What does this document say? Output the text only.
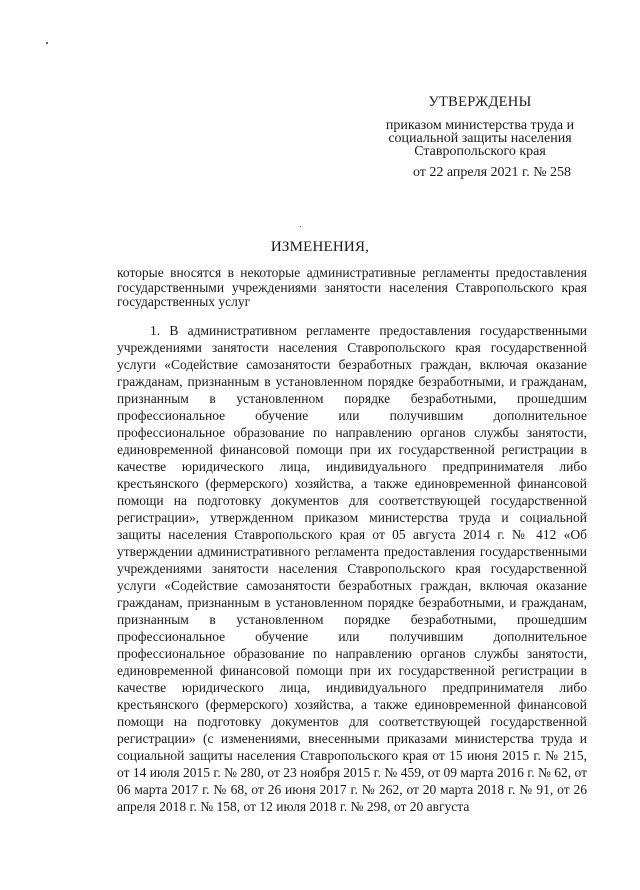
УТВЕРЖДЕНЫ
приказом министерства труда и
социальной защиты населения
Ставропольского края
от 22 апреля 2021 г. № 258
ИЗМЕНЕНИЯ,
которые вносятся в некоторые административные регламенты предоставления государственными учреждениями занятости населения Ставропольского края государственных услуг

1. В административном регламенте предоставления государственными учреждениями занятости населения Ставропольского края государственной услуги «Содействие самозанятости безработных граждан, включая оказание гражданам, признанным в установленном порядке безработными, и гражданам, признанным в установленном порядке безработными, прошедшим профессиональное обучение или получившим дополнительное профессиональное образование по направлению органов службы занятости, единовременной финансовой помощи при их государственной регистрации в качестве юридического лица, индивидуального предпринимателя либо крестьянского (фермерского) хозяйства, а также единовременной финансовой помощи на подготовку документов для соответствующей государственной регистрации», утвержденном приказом министерства труда и социальной защиты населения Ставропольского края от 05 августа 2014 г. № 412 «Об утверждении административного регламента предоставления государственными учреждениями занятости населения Ставропольского края государственной услуги «Содействие самозанятости безработных граждан, включая оказание гражданам, признанным в установленном порядке безработными, и гражданам, признанным в установленном порядке безработными, прошедшим профессиональное обучение или получившим дополнительное профессиональное образование по направлению органов службы занятости, единовременной финансовой помощи при их государственной регистрации в качестве юридического лица, индивидуального предпринимателя либо крестьянского (фермерского) хозяйства, а также единовременной финансовой помощи на подготовку документов для соответствующей государственной регистрации» (с изменениями, внесенными приказами министерства труда и социальной защиты населения Ставропольского края от 15 июня 2015 г. № 215, от 14 июля 2015 г. № 280, от 23 ноября 2015 г. № 459, от 09 марта 2016 г. № 62, от 06 марта 2017 г. № 68, от 26 июня 2017 г. № 262, от 20 марта 2018 г. № 91, от 26 апреля 2018 г. № 158, от 12 июля 2018 г. № 298, от 20 августа
